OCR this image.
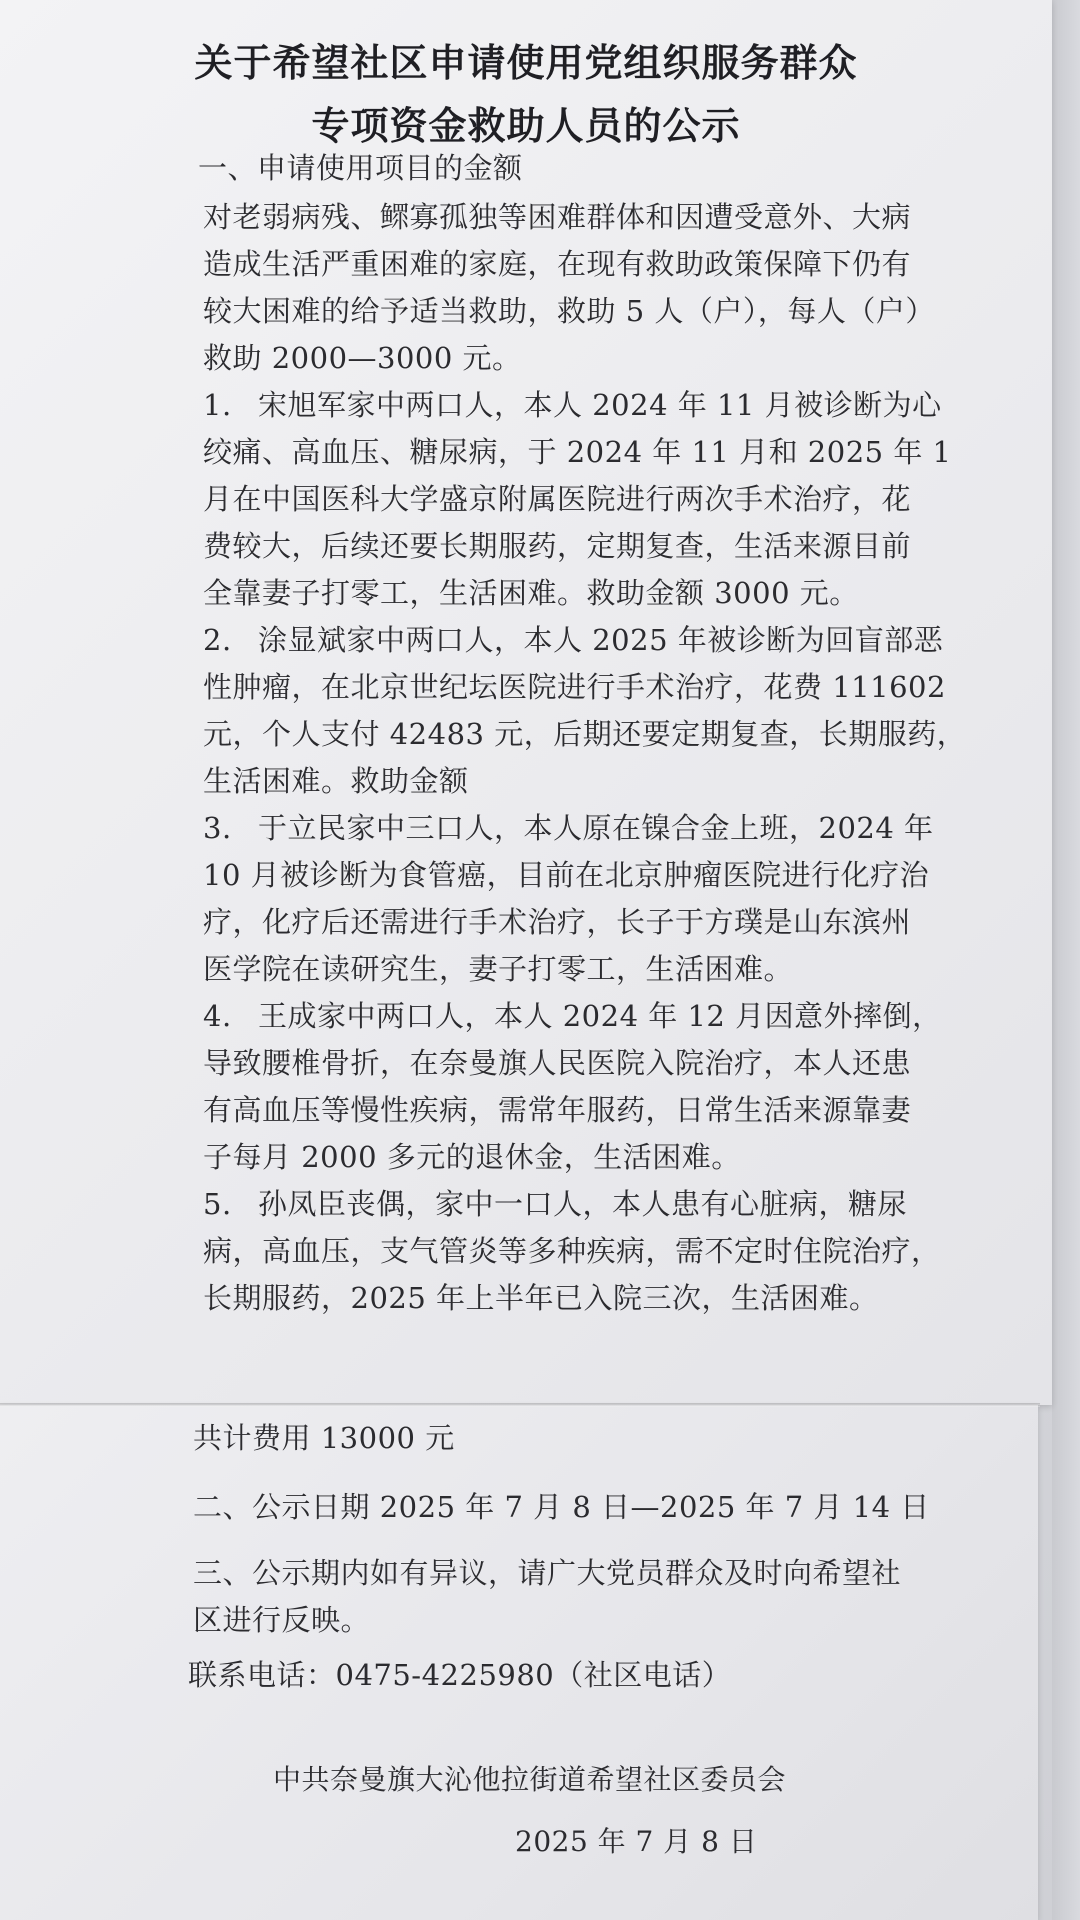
关于希望社区申请使用党组织服务群众
专项资金救助人员的公示
一、申请使用项目的金额
对老弱病残、鳏寡孤独等困难群体和因遭受意外、大病
造成生活严重困难的家庭，在现有救助政策保障下仍有
较大困难的给予适当救助，救助 5 人（户），每人（户）
救助 2000—3000 元。
1. 宋旭军家中两口人，本人 2024 年 11 月被诊断为心
绞痛、高血压、糖尿病，于 2024 年 11 月和 2025 年 1
月在中国医科大学盛京附属医院进行两次手术治疗，花
费较大，后续还要长期服药，定期复查，生活来源目前
全靠妻子打零工，生活困难。救助金额 3000 元。
2. 涂显斌家中两口人，本人 2025 年被诊断为回盲部恶
性肿瘤，在北京世纪坛医院进行手术治疗，花费 111602
元，个人支付 42483 元，后期还要定期复查，长期服药，
生活困难。救助金额
3. 于立民家中三口人，本人原在镍合金上班，2024 年
10 月被诊断为食管癌，目前在北京肿瘤医院进行化疗治
疗，化疗后还需进行手术治疗，长子于方璞是山东滨州
医学院在读研究生，妻子打零工，生活困难。
4. 王成家中两口人，本人 2024 年 12 月因意外摔倒，
导致腰椎骨折，在奈曼旗人民医院入院治疗，本人还患
有高血压等慢性疾病，需常年服药，日常生活来源靠妻
子每月 2000 多元的退休金，生活困难。
5. 孙凤臣丧偶，家中一口人，本人患有心脏病，糖尿
病，高血压，支气管炎等多种疾病，需不定时住院治疗，
长期服药，2025 年上半年已入院三次，生活困难。
共计费用 13000 元
二、公示日期 2025 年 7 月 8 日—2025 年 7 月 14 日
三、公示期内如有异议，请广大党员群众及时向希望社
区进行反映。
联系电话：0475-4225980（社区电话）
中共奈曼旗大沁他拉街道希望社区委员会
2025 年 7 月 8 日
